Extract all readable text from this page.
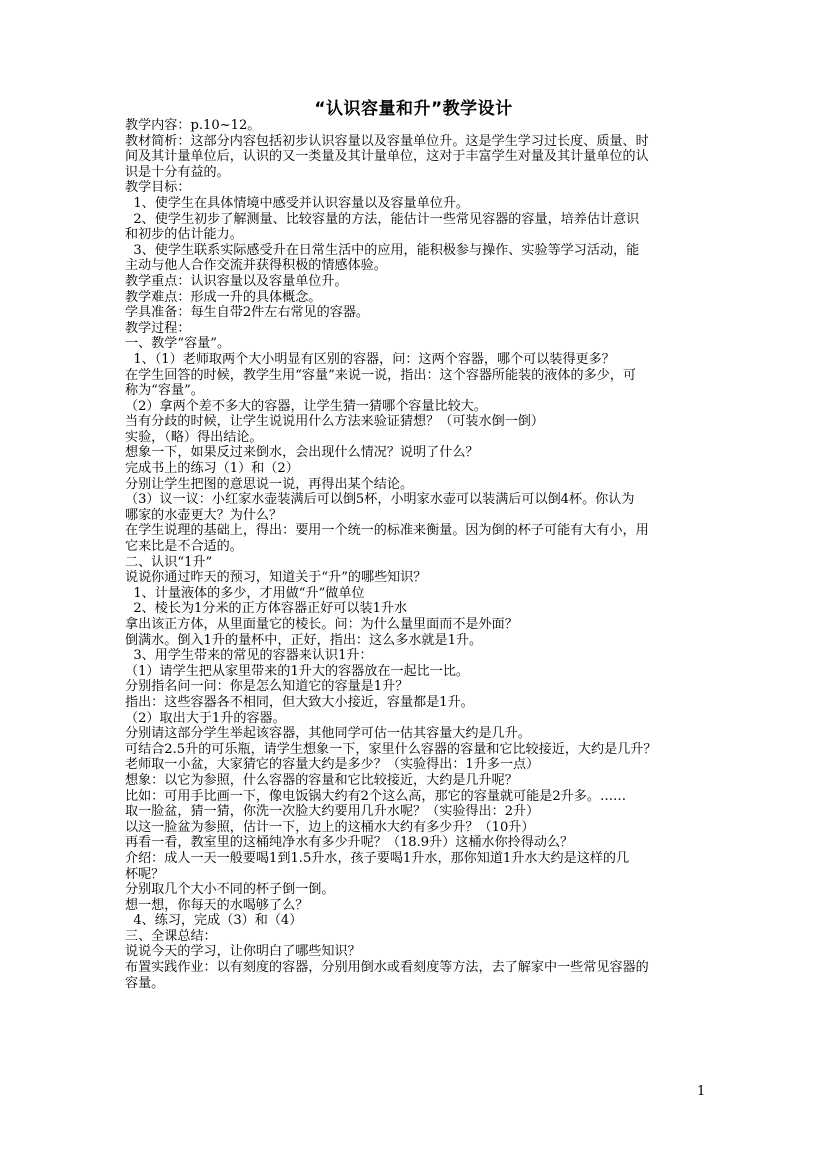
“认识容量和升”教学设计
教学内容：p.10~12。
教材简析：这部分内容包括初步认识容量以及容量单位升。这是学生学习过长度、质量、时
间及其计量单位后，认识的又一类量及其计量单位，这对于丰富学生对量及其计量单位的认
识是十分有益的。
教学目标：
1、使学生在具体情境中感受并认识容量以及容量单位升。
2、使学生初步了解测量、比较容量的方法，能估计一些常见容器的容量，培养估计意识
和初步的估计能力。
3、使学生联系实际感受升在日常生活中的应用，能积极参与操作、实验等学习活动，能
主动与他人合作交流并获得积极的情感体验。
教学重点：认识容量以及容量单位升。
教学难点：形成一升的具体概念。
学具准备：每生自带2件左右常见的容器。
教学过程：
一、教学“容量”。
1、（1）老师取两个大小明显有区别的容器，问：这两个容器，哪个可以装得更多？
在学生回答的时候，教学生用“容量”来说一说，指出：这个容器所能装的液体的多少，可
称为“容量”。
（2）拿两个差不多大的容器，让学生猜一猜哪个容量比较大。
当有分歧的时候，让学生说说用什么方法来验证猜想？（可装水倒一倒）
实验，（略）得出结论。
想象一下，如果反过来倒水，会出现什么情况？说明了什么？
完成书上的练习（1）和（2）
分别让学生把图的意思说一说，再得出某个结论。
（3）议一议：小红家水壶装满后可以倒5杯，小明家水壶可以装满后可以倒4杯。你认为
哪家的水壶更大？为什么？
在学生说理的基础上，得出：要用一个统一的标准来衡量。因为倒的杯子可能有大有小，用
它来比是不合适的。
二、认识“1升”
说说你通过昨天的预习，知道关于“升”的哪些知识？
1、计量液体的多少，才用做“升”做单位
2、棱长为1分米的正方体容器正好可以装1升水
拿出该正方体，从里面量它的棱长。问：为什么量里面而不是外面？
倒满水。倒入1升的量杯中，正好，指出：这么多水就是1升。
3、用学生带来的常见的容器来认识1升：
（1）请学生把从家里带来的1升大的容器放在一起比一比。
分别指名问一问：你是怎么知道它的容量是1升？
指出：这些容器各不相同，但大致大小接近，容量都是1升。
（2）取出大于1升的容器。
分别请这部分学生举起该容器，其他同学可估一估其容量大约是几升。
可结合2.5升的可乐瓶，请学生想象一下，家里什么容器的容量和它比较接近，大约是几升？
老师取一小盆，大家猜它的容量大约是多少？（实验得出：1升多一点）
想象：以它为参照，什么容器的容量和它比较接近，大约是几升呢？
比如：可用手比画一下，像电饭锅大约有2个这么高，那它的容量就可能是2升多。……
取一脸盆，猜一猜，你洗一次脸大约要用几升水呢？（实验得出：2升）
以这一脸盆为参照，估计一下，边上的这桶水大约有多少升？（10升）
再看一看，教室里的这桶纯净水有多少升呢？（18.9升）这桶水你拎得动么？
介绍：成人一天一般要喝1到1.5升水，孩子要喝1升水，那你知道1升水大约是这样的几
杯呢？
分别取几个大小不同的杯子倒一倒。
想一想，你每天的水喝够了么？
4、练习，完成（3）和（4）
三、全课总结：
说说今天的学习，让你明白了哪些知识？
布置实践作业：以有刻度的容器，分别用倒水或看刻度等方法，去了解家中一些常见容器的
容量。
1
